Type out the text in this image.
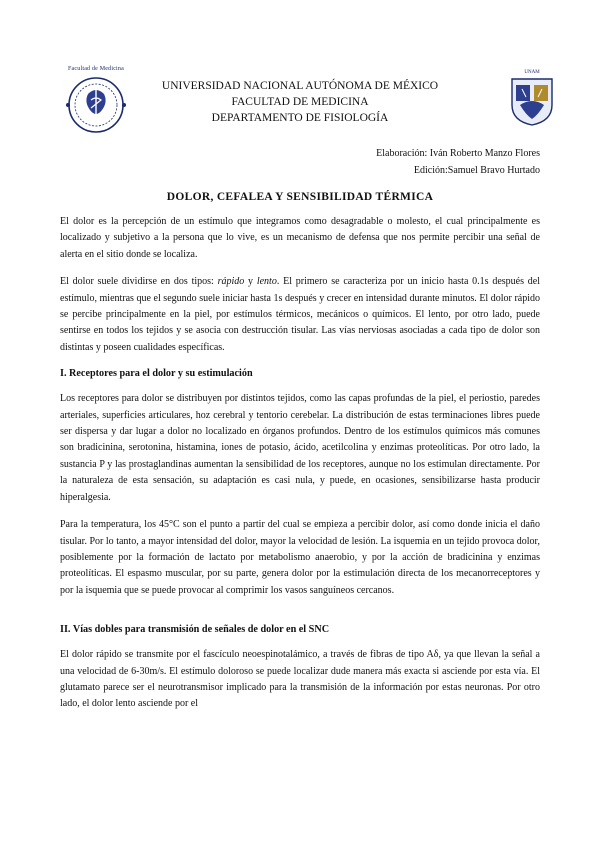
Facultad de Medicina
UNAM
UNIVERSIDAD NACIONAL AUTÓNOMA DE MÉXICO
FACULTAD DE MEDICINA
DEPARTAMENTO DE FISIOLOGÍA
Elaboración: Iván Roberto Manzo Flores
Edición:Samuel Bravo Hurtado
DOLOR, CEFALEA Y SENSIBILIDAD TÉRMICA

El dolor es la percepción de un estímulo que integramos como desagradable o molesto, el cual principalmente es localizado y subjetivo a la persona que lo vive, es un mecanismo de defensa que nos permite percibir una señal de alerta en el sitio donde se localiza.

El dolor suele dividirse en dos tipos: rápido y lento. El primero se caracteriza por un inicio hasta 0.1s después del estímulo, mientras que el segundo suele iniciar hasta 1s después y crecer en intensidad durante minutos. El dolor rápido se percibe principalmente en la piel, por estímulos térmicos, mecánicos o químicos. El lento, por otro lado, puede sentirse en todos los tejidos y se asocia con destrucción tisular. Las vías nerviosas asociadas a cada tipo de dolor son distintas y poseen cualidades específicas.

I. Receptores para el dolor y su estimulación

Los receptores para dolor se distribuyen por distintos tejidos, como las capas profundas de la piel, el periostio, paredes arteriales, superficies articulares, hoz cerebral y tentorio cerebelar. La distribución de estas terminaciones libres puede ser dispersa y dar lugar a dolor no localizado en órganos profundos. Dentro de los estímulos químicos más comunes son bradicinina, serotonina, histamina, iones de potasio, ácido, acetilcolina y enzimas proteolíticas. Por otro lado, la sustancia P y las prostaglandinas aumentan la sensibilidad de los receptores, aunque no los estimulan directamente. Por la naturaleza de esta sensación, su adaptación es casi nula, y puede, en ocasiones, sensibilizarse hasta producir hiperalgesia.

Para la temperatura, los 45°C son el punto a partir del cual se empieza a percibir dolor, así como donde inicia el daño tisular. Por lo tanto, a mayor intensidad del dolor, mayor la velocidad de lesión. La isquemia en un tejido provoca dolor, posiblemente por la formación de lactato por metabolismo anaerobio, y por la acción de bradicinina y enzimas proteolíticas. El espasmo muscular, por su parte, genera dolor por la estimulación directa de los mecanorreceptores y por la isquemia que se puede provocar al comprimir los vasos sanguíneos cercanos.

II. Vías dobles para transmisión de señales de dolor en el SNC

El dolor rápido se transmite por el fascículo neoespinotalámico, a través de fibras de tipo Aδ, ya que llevan la señal a una velocidad de 6-30m/s. El estímulo doloroso se puede localizar dude manera más exacta si asciende por esta vía. El glutamato parece ser el neurotransmisor implicado para la transmisión de la información por estas neuronas. Por otro lado, el dolor lento asciende por el
